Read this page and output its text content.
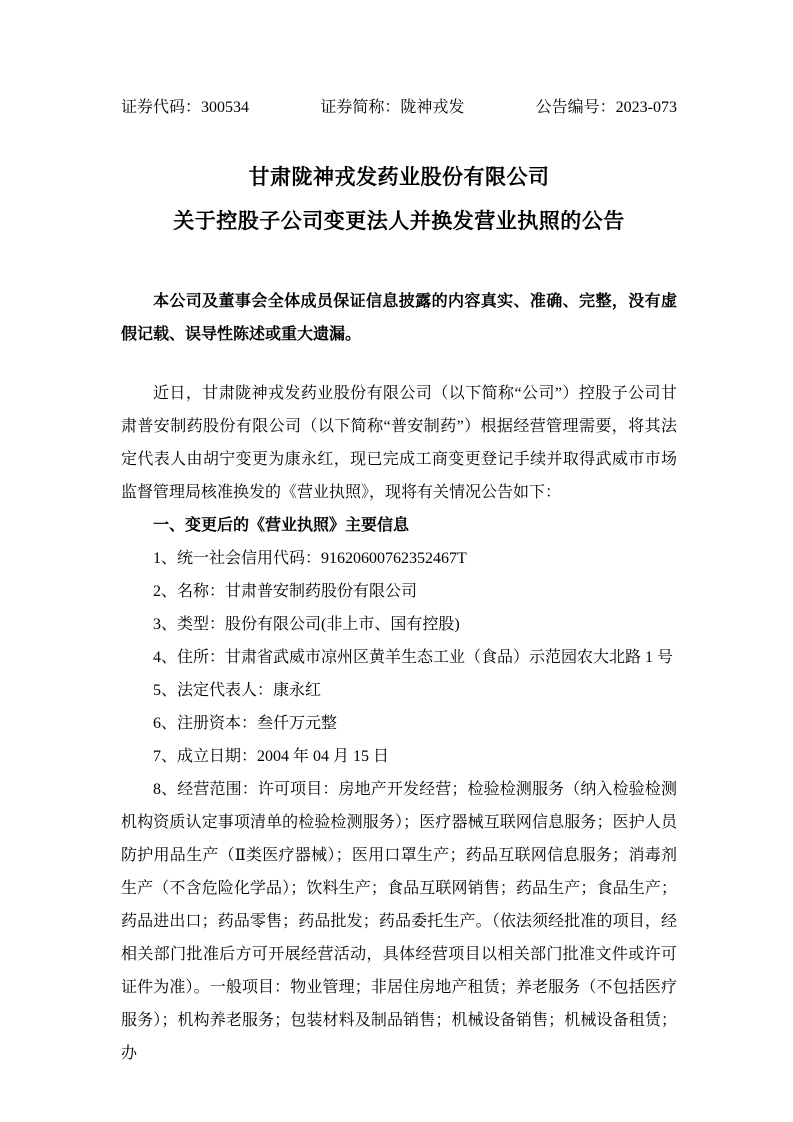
证券代码：300534	证券简称：陇神戎发	公告编号：2023-073
甘肃陇神戎发药业股份有限公司
关于控股子公司变更法人并换发营业执照的公告

本公司及董事会全体成员保证信息披露的内容真实、准确、完整，没有虚假记载、误导性陈述或重大遗漏。

近日，甘肃陇神戎发药业股份有限公司（以下简称“公司”）控股子公司甘肃普安制药股份有限公司（以下简称“普安制药”）根据经营管理需要，将其法定代表人由胡宁变更为康永红，现已完成工商变更登记手续并取得武威市市场监督管理局核准换发的《营业执照》，现将有关情况公告如下：

一、变更后的《营业执照》主要信息

1、统一社会信用代码：91620600762352467T

2、名称：甘肃普安制药股份有限公司

3、类型：股份有限公司(非上市、国有控股)

4、住所：甘肃省武威市凉州区黄羊生态工业（食品）示范园农大北路 1 号

5、法定代表人：康永红

6、注册资本：叁仟万元整

7、成立日期：2004 年 04 月 15 日

8、经营范围：许可项目：房地产开发经营；检验检测服务（纳入检验检测机构资质认定事项清单的检验检测服务）；医疗器械互联网信息服务；医护人员防护用品生产（Ⅱ类医疗器械）；医用口罩生产；药品互联网信息服务；消毒剂生产（不含危险化学品）；饮料生产；食品互联网销售；药品生产；食品生产；药品进出口；药品零售；药品批发；药品委托生产。（依法须经批准的项目，经相关部门批准后方可开展经营活动，具体经营项目以相关部门批准文件或许可证件为准）。一般项目：物业管理；非居住房地产租赁；养老服务（不包括医疗服务）；机构养老服务；包装材料及制品销售；机械设备销售；机械设备租赁；办
